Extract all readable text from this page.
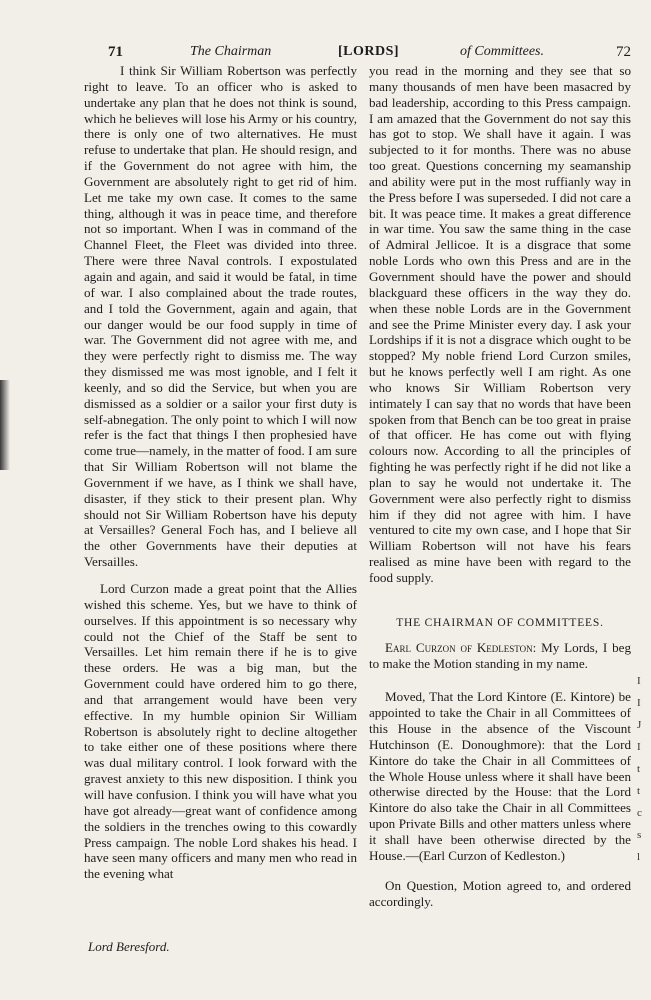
71	The Chairman	[LORDS]	of Committees.	72

I think Sir William Robertson was perfectly right to leave. To an officer who is asked to undertake any plan that he does not think is sound, which he believes will lose his Army or his country, there is only one of two alternatives. He must refuse to undertake that plan. He should resign, and if the Government do not agree with him, the Government are absolutely right to get rid of him. Let me take my own case. It comes to the same thing, although it was in peace time, and therefore not so important. When I was in command of the Channel Fleet, the Fleet was divided into three. There were three Naval controls. I expostulated again and again, and said it would be fatal, in time of war. I also complained about the trade routes, and I told the Government, again and again, that our danger would be our food supply in time of war. The Government did not agree with me, and they were perfectly right to dismiss me. The way they dismissed me was most ignoble, and I felt it keenly, and so did the Service, but when you are dismissed as a soldier or a sailor your first duty is self-abnegation. The only point to which I will now refer is the fact that things I then prophesied have come true—namely, in the matter of food. I am sure that Sir William Robertson will not blame the Government if we have, as I think we shall have, disaster, if they stick to their present plan. Why should not Sir William Robertson have his deputy at Versailles? General Foch has, and I believe all the other Governments have their deputies at Versailles.

Lord Curzon made a great point that the Allies wished this scheme. Yes, but we have to think of ourselves. If this appointment is so necessary why could not the Chief of the Staff be sent to Versailles. Let him remain there if he is to give these orders. He was a big man, but the Government could have ordered him to go there, and that arrangement would have been very effective. In my humble opinion Sir William Robertson is absolutely right to decline altogether to take either one of these positions where there was dual military control. I look forward with the gravest anxiety to this new disposition. I think you will have confusion. I think you will have what you have got already—great want of confidence among the soldiers in the trenches owing to this cowardly Press campaign. The noble Lord shakes his head. I have seen many officers and many men who read in the evening what

Lord Beresford.

you read in the morning and they see that so many thousands of men have been masacred by bad leadership, according to this Press campaign. I am amazed that the Government do not say this has got to stop. We shall have it again. I was subjected to it for months. There was no abuse too great. Questions concerning my seamanship and ability were put in the most ruffianly way in the Press before I was superseded. I did not care a bit. It was peace time. It makes a great difference in war time. You saw the same thing in the case of Admiral Jellicoe. It is a disgrace that some noble Lords who own this Press and are in the Government should have the power and should blackguard these officers in the way they do. when these noble Lords are in the Government and see the Prime Minister every day. I ask your Lordships if it is not a disgrace which ought to be stopped? My noble friend Lord Curzon smiles, but he knows perfectly well I am right. As one who knows Sir William Robertson very intimately I can say that no words that have been spoken from that Bench can be too great in praise of that officer. He has come out with flying colours now. According to all the principles of fighting he was perfectly right if he did not like a plan to say he would not undertake it. The Government were also perfectly right to dismiss him if they did not agree with him. I have ventured to cite my own case, and I hope that Sir William Robertson will not have his fears realised as mine have been with regard to the food supply.

THE CHAIRMAN OF COMMITTEES.

Earl Curzon of Kedleston: My Lords, I beg to make the Motion standing in my name.

Moved, That the Lord Kintore (E. Kintore) be appointed to take the Chair in all Committees of this House in the absence of the Viscount Hutchinson (E. Donoughmore): that the Lord Kintore do take the Chair in all Committees of the Whole House unless where it shall have been otherwise directed by the House: that the Lord Kintore do also take the Chair in all Committees upon Private Bills and other matters unless where it shall have been otherwise directed by the House.—(Earl Curzon of Kedleston.)

On Question, Motion agreed to, and ordered accordingly.

I
I
J
I
t
t
c
s
l
